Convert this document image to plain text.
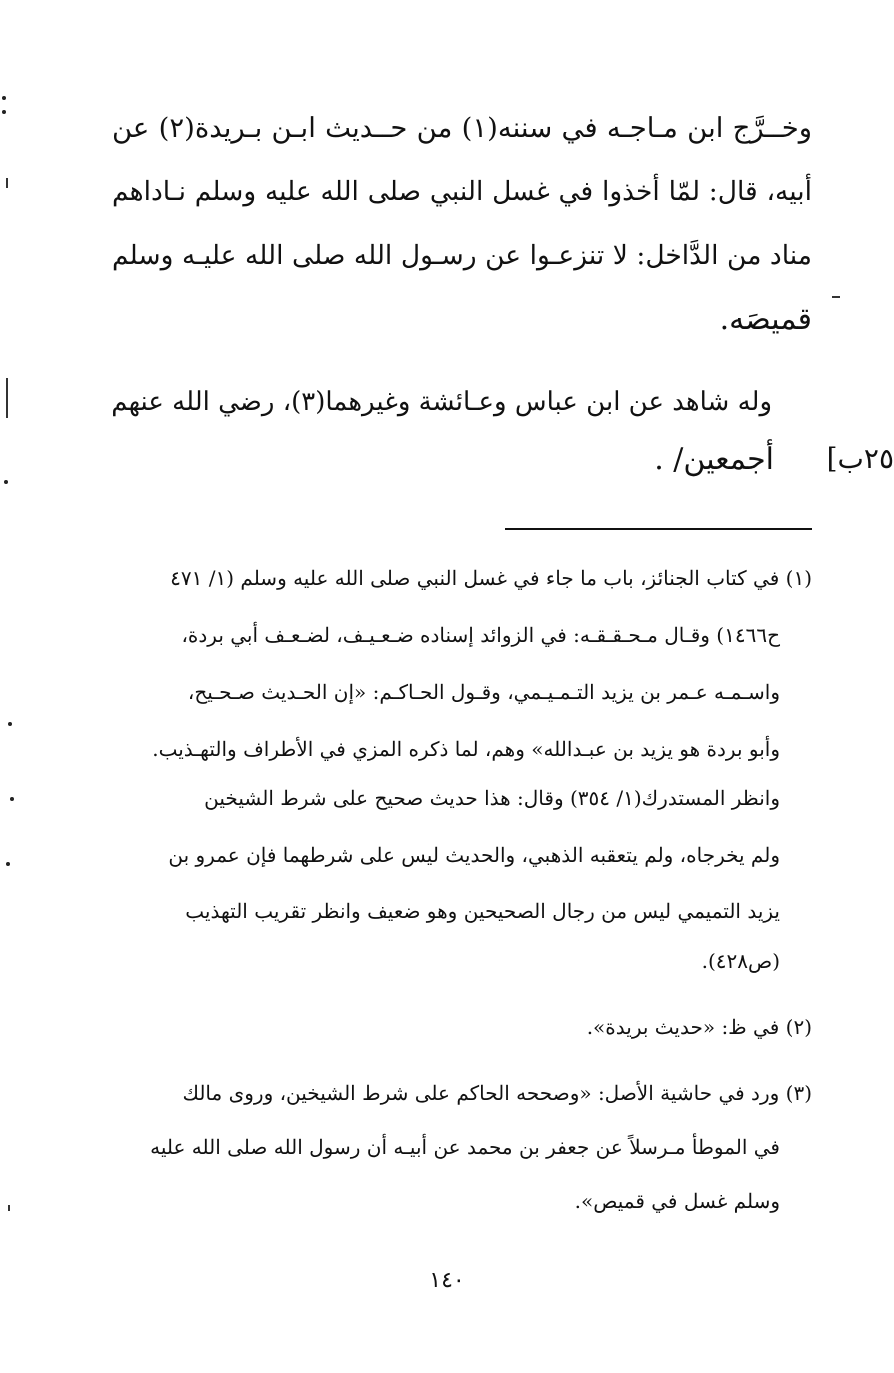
وخــرَّج ابن مـاجـه في سننه(١) من حــديث ابـن بـريدة(٢) عن
أبيه، قال: لمّا أخذوا في غسل النبي صلى الله عليه وسلم نـاداهم
مناد من الدَّاخل: لا تنزعـوا عن رسـول الله صلى الله عليـه وسلم
قميصَه.
وله شاهد عن ابن عباس وعـائشة وغيرهما(٣)، رضي الله عنهم
أجمعين/ . ٢٥ب]
(١) في كتاب الجنائز، باب ما جاء في غسل النبي صلى الله عليه وسلم (١/ ٤٧١
ح١٤٦٦) وقـال مـحـقـقـه: في الزوائد إسناده ضـعـيـف، لضـعـف أبي بردة،
واسـمـه عـمر بن يزيد التـمـيـمي، وقـول الحـاكـم: «إن الحـديث صـحـيح،
وأبو بردة هو يزيد بن عبـدالله» وهم، لما ذكره المزي في الأطراف والتهـذيب.
وانظر المستدرك(١/ ٣٥٤) وقال: هذا حديث صحيح على شرط الشيخين
ولم يخرجاه، ولم يتعقبه الذهبي، والحديث ليس على شرطهما فإن عمرو بن
يزيد التميمي ليس من رجال الصحيحين وهو ضعيف وانظر تقريب التهذيب
(ص٤٢٨).
(٢) في ظ: «حديث بريدة».
(٣) ورد في حاشية الأصل: «وصححه الحاكم على شرط الشيخين، وروى مالك
في الموطأ مـرسلاً عن جعفر بن محمد عن أبيـه أن رسول الله صلى الله عليه
وسلم غسل في قميص».
١٤٠
